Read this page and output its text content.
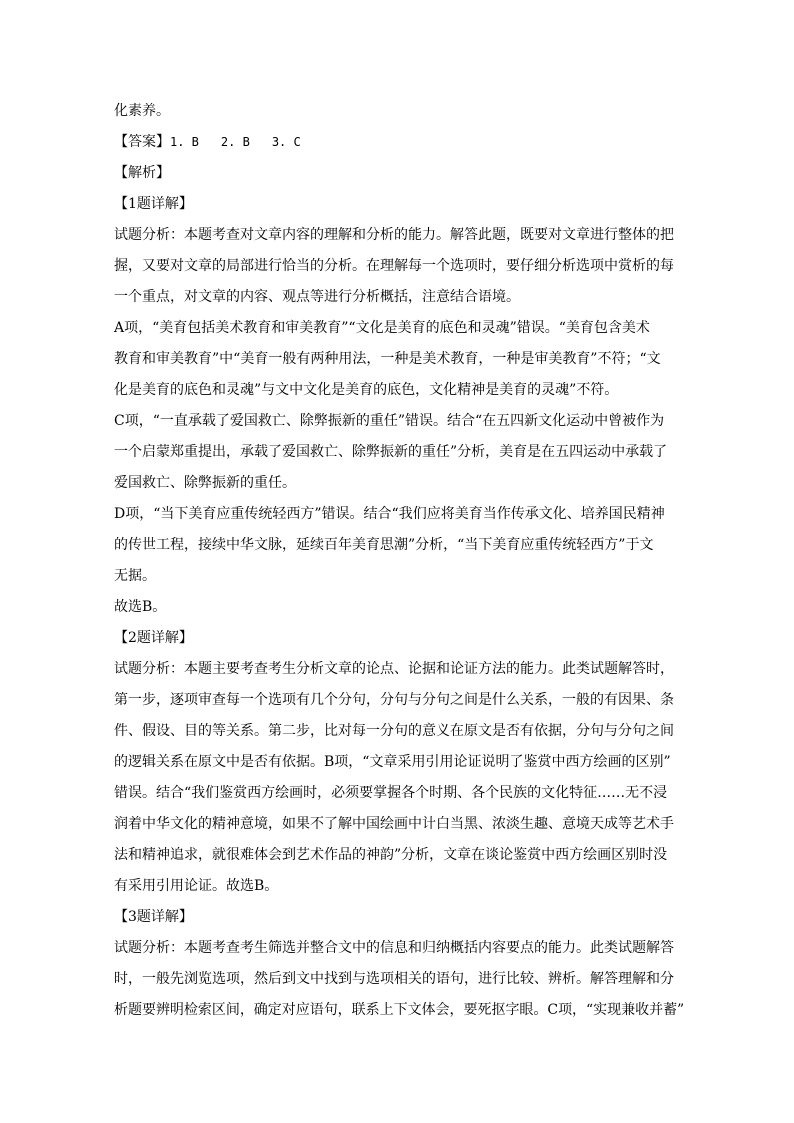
化素养。
【答案】1. B 2. B 3. C
【解析】
【1题详解】
试题分析：本题考查对文章内容的理解和分析的能力。解答此题，既要对文章进行整体的把
握，又要对文章的局部进行恰当的分析。在理解每一个选项时，要仔细分析选项中赏析的每
一个重点，对文章的内容、观点等进行分析概括，注意结合语境。
A项，“美育包括美术教育和审美教育”“文化是美育的底色和灵魂”错误。“美育包含美术
教育和审美教育”中“美育一般有两种用法，一种是美术教育，一种是审美教育”不符；“文
化是美育的底色和灵魂”与文中文化是美育的底色，文化精神是美育的灵魂”不符。
C项，“一直承载了爱国救亡、除弊振新的重任”错误。结合“在五四新文化运动中曾被作为
一个启蒙郑重提出，承载了爱国救亡、除弊振新的重任”分析，美育是在五四运动中承载了
爱国救亡、除弊振新的重任。
D项，“当下美育应重传统轻西方”错误。结合“我们应将美育当作传承文化、培养国民精神
的传世工程，接续中华文脉，延续百年美育思潮”分析，“当下美育应重传统轻西方”于文
无据。
故选B。
【2题详解】
试题分析：本题主要考查考生分析文章的论点、论据和论证方法的能力。此类试题解答时，
第一步，逐项审查每一个选项有几个分句，分句与分句之间是什么关系，一般的有因果、条
件、假设、目的等关系。第二步，比对每一分句的意义在原文是否有依据，分句与分句之间
的逻辑关系在原文中是否有依据。B项，“文章采用引用论证说明了鉴赏中西方绘画的区别”
错误。结合“我们鉴赏西方绘画时，必须要掌握各个时期、各个民族的文化特征……无不浸
润着中华文化的精神意境，如果不了解中国绘画中计白当黑、浓淡生趣、意境天成等艺术手
法和精神追求，就很难体会到艺术作品的神韵”分析，文章在谈论鉴赏中西方绘画区别时没
有采用引用论证。故选B。
【3题详解】
试题分析：本题考查考生筛选并整合文中的信息和归纳概括内容要点的能力。此类试题解答
时，一般先浏览选项，然后到文中找到与选项相关的语句，进行比较、辨析。解答理解和分
析题要辨明检索区间，确定对应语句，联系上下文体会，要死抠字眼。C项，“实现兼收并蓄”
